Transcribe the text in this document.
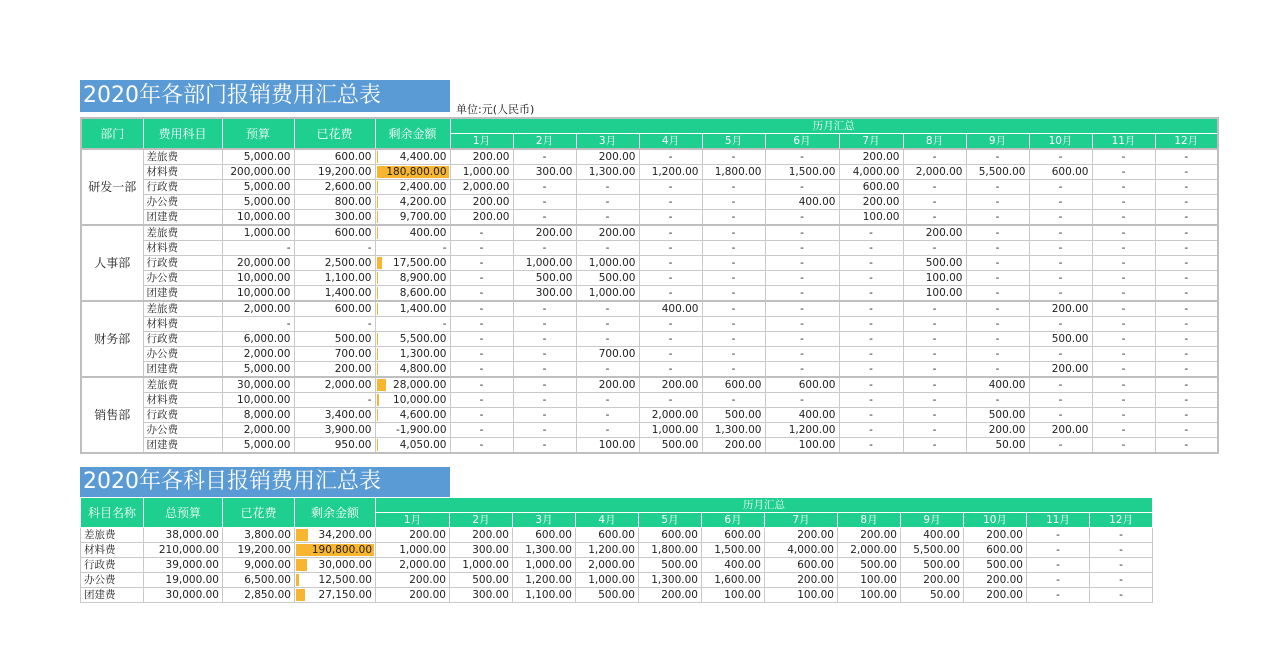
2020年各部门报销费用汇总表
单位:元(人民币)
部门	费用科目	预算	已花费	剩余金额	历月汇总											
					1月	2月	3月	4月	5月	6月	7月	8月	9月	10月	11月	12月
研发一部	差旅费	5,000.00	600.00	4,400.00	200.00	-	200.00	-	-	-	200.00	-	-	-	-	-
	材料费	200,000.00	19,200.00	180,800.00	1,000.00	300.00	1,300.00	1,200.00	1,800.00	1,500.00	4,000.00	2,000.00	5,500.00	600.00	-	-
	行政费	5,000.00	2,600.00	2,400.00	2,000.00	-	-	-	-	-	600.00	-	-	-	-	-
	办公费	5,000.00	800.00	4,200.00	200.00	-	-	-	-	400.00	200.00	-	-	-	-	-
	团建费	10,000.00	300.00	9,700.00	200.00	-	-	-	-	-	100.00	-	-	-	-	-
人事部	差旅费	1,000.00	600.00	400.00	-	200.00	200.00	-	-	-	-	200.00	-	-	-	-
	材料费	-	-	-	-	-	-	-	-	-	-	-	-	-	-	-
	行政费	20,000.00	2,500.00	17,500.00	-	1,000.00	1,000.00	-	-	-	-	500.00	-	-	-	-
	办公费	10,000.00	1,100.00	8,900.00	-	500.00	500.00	-	-	-	-	100.00	-	-	-	-
	团建费	10,000.00	1,400.00	8,600.00	-	300.00	1,000.00	-	-	-	-	100.00	-	-	-	-
财务部	差旅费	2,000.00	600.00	1,400.00	-	-	-	400.00	-	-	-	-	-	200.00	-	-
	材料费	-	-	-	-	-	-	-	-	-	-	-	-	-	-	-
	行政费	6,000.00	500.00	5,500.00	-	-	-	-	-	-	-	-	-	500.00	-	-
	办公费	2,000.00	700.00	1,300.00	-	-	700.00	-	-	-	-	-	-	-	-	-
	团建费	5,000.00	200.00	4,800.00	-	-	-	-	-	-	-	-	-	200.00	-	-
销售部	差旅费	30,000.00	2,000.00	28,000.00	-	-	200.00	200.00	600.00	600.00	-	-	400.00	-	-	-
	材料费	10,000.00	-	10,000.00	-	-	-	-	-	-	-	-	-	-	-	-
	行政费	8,000.00	3,400.00	4,600.00	-	-	-	2,000.00	500.00	400.00	-	-	500.00	-	-	-
	办公费	2,000.00	3,900.00	-1,900.00	-	-	-	1,000.00	1,300.00	1,200.00	-	-	200.00	200.00	-	-
	团建费	5,000.00	950.00	4,050.00	-	-	100.00	500.00	200.00	100.00	-	-	50.00	-	-	-
2020年各科目报销费用汇总表
科目名称	总预算	已花费	剩余金额	历月汇总											
				1月	2月	3月	4月	5月	6月	7月	8月	9月	10月	11月	12月
差旅费	38,000.00	3,800.00	34,200.00	200.00	200.00	600.00	600.00	600.00	600.00	200.00	200.00	400.00	200.00	-	-
材料费	210,000.00	19,200.00	190,800.00	1,000.00	300.00	1,300.00	1,200.00	1,800.00	1,500.00	4,000.00	2,000.00	5,500.00	600.00	-	-
行政费	39,000.00	9,000.00	30,000.00	2,000.00	1,000.00	1,000.00	2,000.00	500.00	400.00	600.00	500.00	500.00	500.00	-	-
办公费	19,000.00	6,500.00	12,500.00	200.00	500.00	1,200.00	1,000.00	1,300.00	1,600.00	200.00	100.00	200.00	200.00	-	-
团建费	30,000.00	2,850.00	27,150.00	200.00	300.00	1,100.00	500.00	200.00	100.00	100.00	100.00	50.00	200.00	-	-
